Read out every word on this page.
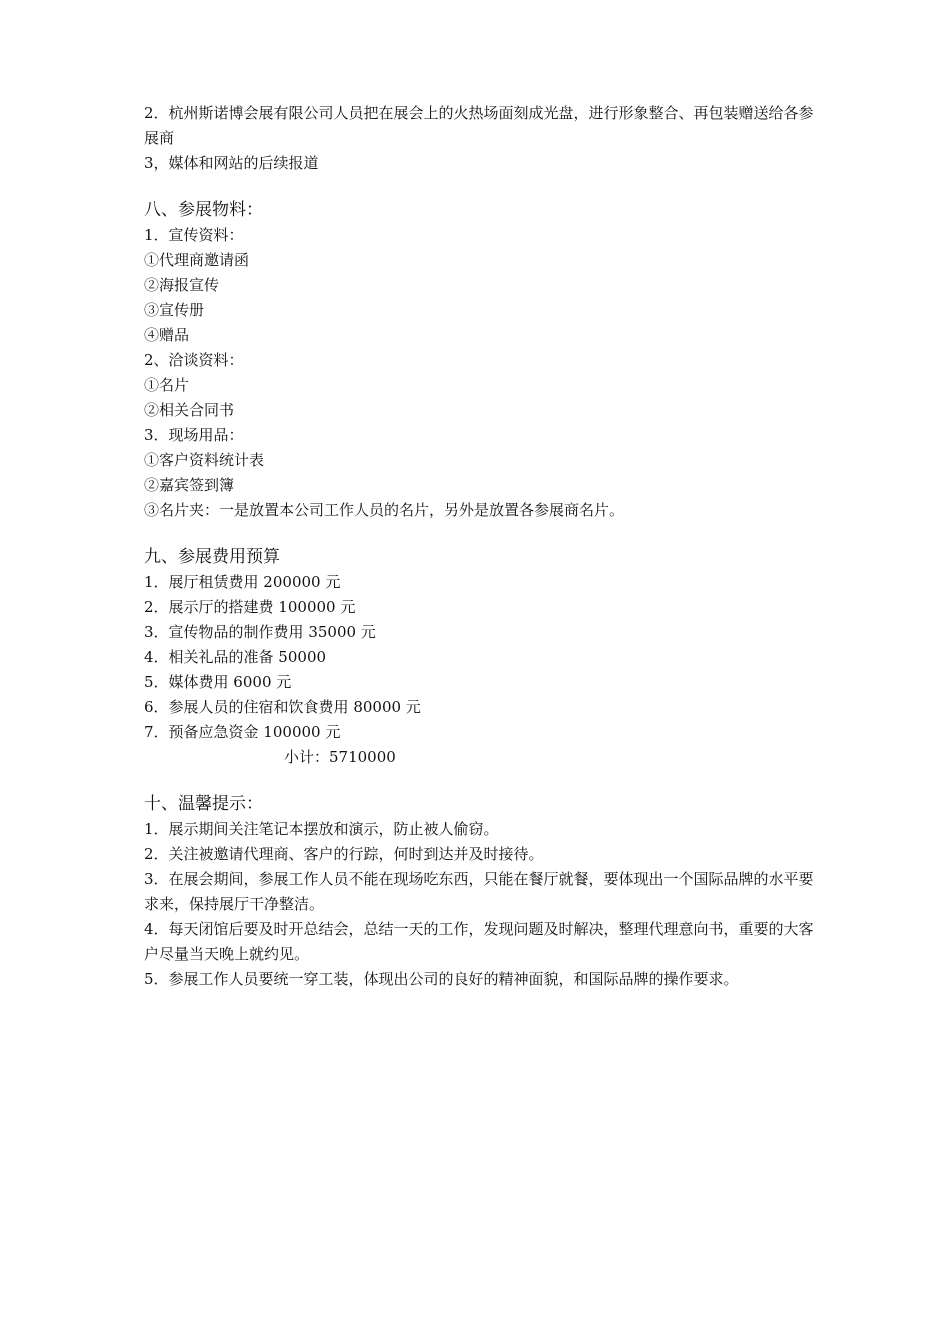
2．杭州斯诺博会展有限公司人员把在展会上的火热场面刻成光盘，进行形象整合、再包装赠送给各参展商
3，媒体和网站的后续报道
八、参展物料：
1．宣传资料：
①代理商邀请函
②海报宣传
③宣传册
④赠品
2、洽谈资料：
①名片
②相关合同书
3．现场用品：
①客户资料统计表
②嘉宾签到簿
③名片夹：一是放置本公司工作人员的名片，另外是放置各参展商名片。
九、参展费用预算
1．展厅租赁费用 200000 元
2．展示厅的搭建费 100000 元
3．宣传物品的制作费用 35000 元
4．相关礼品的准备 50000
5．媒体费用 6000 元
6．参展人员的住宿和饮食费用 80000 元
7．预备应急资金 100000 元
小计：5710000
十、温馨提示：
1．展示期间关注笔记本摆放和演示，防止被人偷窃。
2．关注被邀请代理商、客户的行踪，何时到达并及时接待。
3．在展会期间，参展工作人员不能在现场吃东西，只能在餐厅就餐，要体现出一个国际品牌的水平要求来，保持展厅干净整洁。
4．每天闭馆后要及时开总结会，总结一天的工作，发现问题及时解决，整理代理意向书，重要的大客户尽量当天晚上就约见。
5．参展工作人员要统一穿工装，体现出公司的良好的精神面貌，和国际品牌的操作要求。
